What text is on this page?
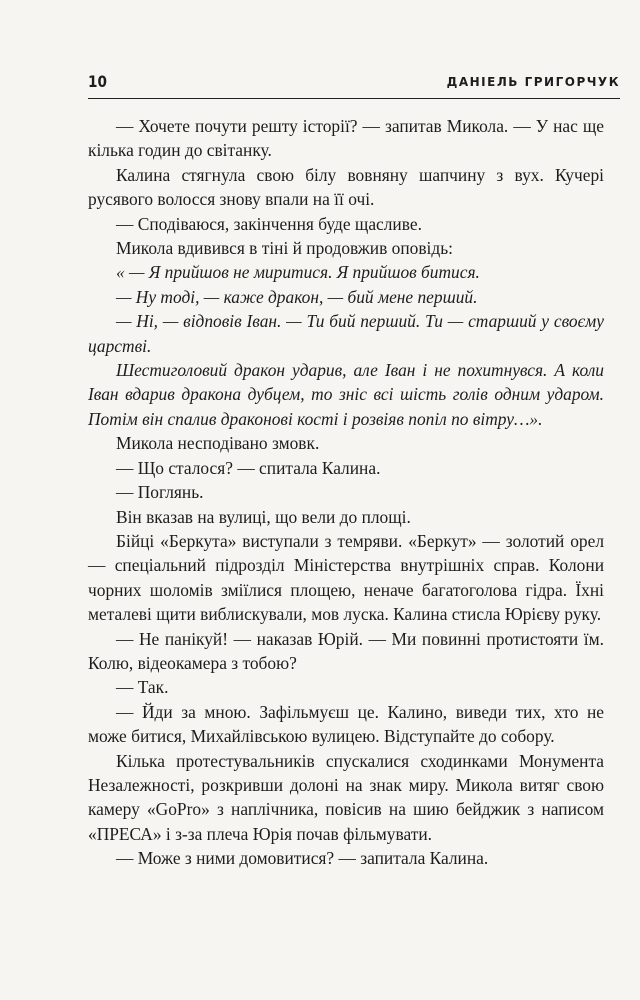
10	ДАНІЕЛЬ ГРИГОРЧУК

— Хочете почути решту історії? — запитав Микола. — У нас ще кілька годин до світанку.

Калина стягнула свою білу вовняну шапчину з вух. Кучері русявого волосся знову впали на її очі.

— Сподіваюся, закінчення буде щасливе.

Микола вдивився в тіні й продовжив оповідь:

« — Я прийшов не миритися. Я прийшов битися.

— Ну тоді, — каже дракон, — бий мене перший.

— Ні, — відповів Іван. — Ти бий перший. Ти — старший у своєму царстві.

Шестиголовий дракон ударив, але Іван і не похитнувся. А коли Іван вдарив дракона дубцем, то зніс всі шість голів одним ударом. Потім він спалив драконові кості і розвіяв попіл по вітру…».

Микола несподівано змовк.

— Що сталося? — спитала Калина.

— Поглянь.

Він вказав на вулиці, що вели до площі.

Бійці «Беркута» виступали з темряви. «Беркут» — золотий орел — спеціальний підрозділ Міністерства внутрішніх справ. Колони чорних шоломів зміїлися площею, неначе багатоголова гідра. Їхні металеві щити виблискували, мов луска. Калина стисла Юрієву руку.

— Не панікуй! — наказав Юрій. — Ми повинні протистояти їм. Колю, відеокамера з тобою?

— Так.

— Йди за мною. Зафільмуєш це. Калино, виведи тих, хто не може битися, Михайлівською вулицею. Відступайте до собору.

Кілька протестувальників спускалися сходинками Монумента Незалежності, розкривши долоні на знак миру. Микола витяг свою камеру «GoPro» з наплічника, повісив на шию бейджик з написом «ПРЕСА» і з-за плеча Юрія почав фільмувати.

— Може з ними домовитися? — запитала Калина.
